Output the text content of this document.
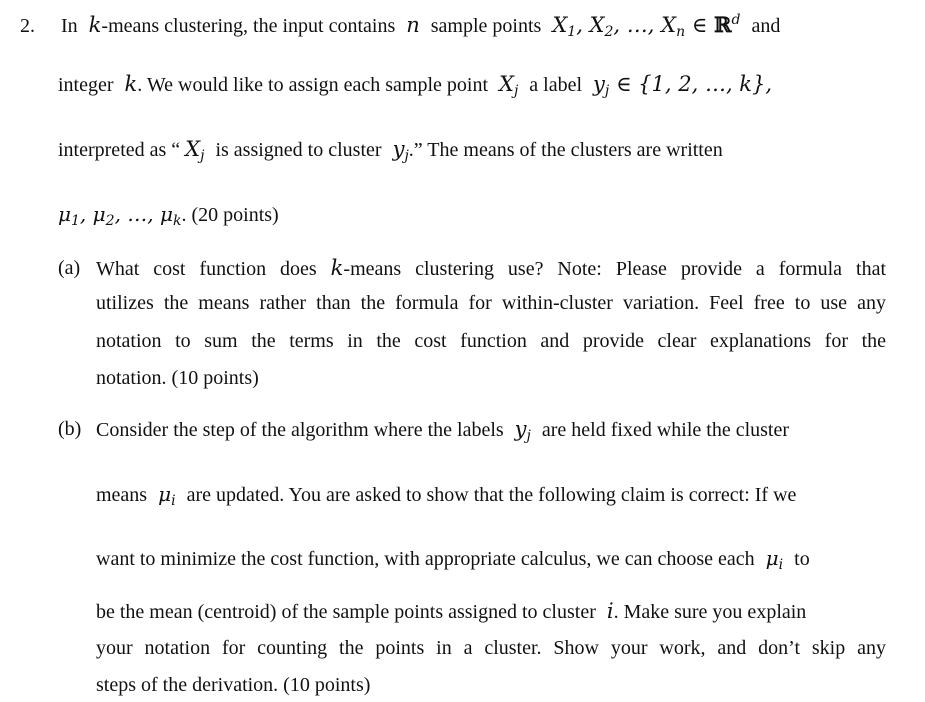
2. In k-means clustering, the input contains n sample points $X_1$, $X_2$, …, $X_n$ ∈ ℝ$^d$ and
integer k. We would like to assign each sample point $X_j$ a label $y_j$ ∈ {1, 2, …, k},
interpreted as “ $X_j$ is assigned to cluster $y_j$.” The means of the clusters are written
$\mu_1$, $\mu_2$, …, $\mu_k$. (20 points)
(a) What cost function does k-means clustering use? Note: Please provide a formula that
utilizes the means rather than the formula for within-cluster variation. Feel free to use any
notation to sum the terms in the cost function and provide clear explanations for the
notation. (10 points)
(b) Consider the step of the algorithm where the labels $y_j$ are held fixed while the cluster
means $\mu_i$ are updated. You are asked to show that the following claim is correct: If we
want to minimize the cost function, with appropriate calculus, we can choose each $\mu_i$ to
be the mean (centroid) of the sample points assigned to cluster i. Make sure you explain
your notation for counting the points in a cluster. Show your work, and don’t skip any
steps of the derivation. (10 points)
